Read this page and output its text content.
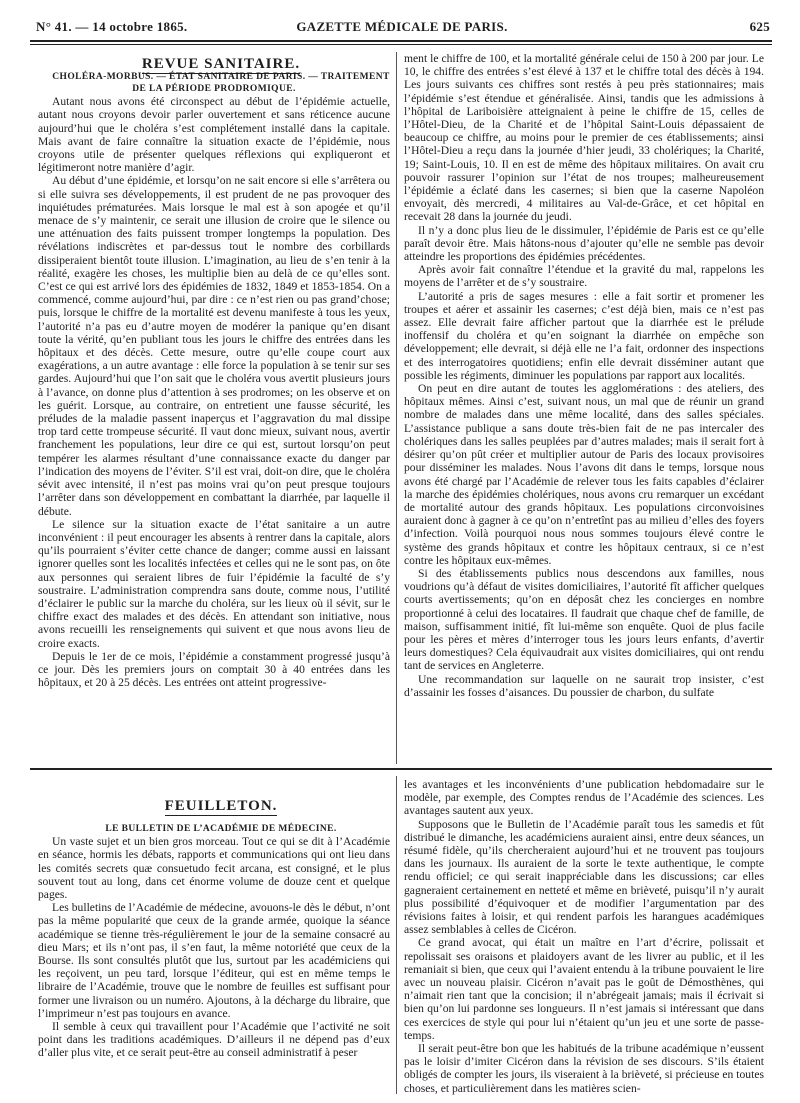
N° 41. — 14 octobre 1865.	GAZETTE MÉDICALE DE PARIS.	625

REVUE SANITAIRE.

CHOLÉRA-MORBUS. — ÉTAT SANITAIRE DE PARIS. — TRAITEMENT DE LA PÉRIODE PRODROMIQUE.

Autant nous avons été circonspect au début de l’épidémie actuelle, autant nous croyons devoir parler ouvertement et sans réticence aucune aujourd’hui que le choléra s’est complétement installé dans la capitale. Mais avant de faire connaître la situation exacte de l’épidémie, nous croyons utile de présenter quelques réflexions qui expliqueront et légitimeront notre manière d’agir.

Au début d’une épidémie, et lorsqu’on ne sait encore si elle s’arrêtera ou si elle suivra ses développements, il est prudent de ne pas provoquer des inquiétudes prématurées. Mais lorsque le mal est à son apogée et qu’il menace de s’y maintenir, ce serait une illusion de croire que le silence ou une atténuation des faits puissent tromper longtemps la population. Des révélations indiscrètes et par-dessus tout le nombre des corbillards dissiperaient bientôt toute illusion. L’imagination, au lieu de s’en tenir à la réalité, exagère les choses, les multiplie bien au delà de ce qu’elles sont. C’est ce qui est arrivé lors des épidémies de 1832, 1849 et 1853-1854. On a commencé, comme aujourd’hui, par dire : ce n’est rien ou pas grand’chose; puis, lorsque le chiffre de la mortalité est devenu manifeste à tous les yeux, l’autorité n’a pas eu d’autre moyen de modérer la panique qu’en disant toute la vérité, qu’en publiant tous les jours le chiffre des entrées dans les hôpitaux et des décès. Cette mesure, outre qu’elle coupe court aux exagérations, a un autre avantage : elle force la population à se tenir sur ses gardes. Aujourd’hui que l’on sait que le choléra vous avertit plusieurs jours à l’avance, on donne plus d’attention à ses prodromes; on les observe et on les guérit. Lorsque, au contraire, on entretient une fausse sécurité, les préludes de la maladie passent inaperçus et l’aggravation du mal dissipe trop tard cette trompeuse sécurité. Il vaut donc mieux, suivant nous, avertir franchement les populations, leur dire ce qui est, surtout lorsqu’on peut tempérer les alarmes résultant d’une connaissance exacte du danger par l’indication des moyens de l’éviter. S’il est vrai, doit-on dire, que le choléra sévit avec intensité, il n’est pas moins vrai qu’on peut presque toujours l’arrêter dans son développement en combattant la diarrhée, par laquelle il débute.

Le silence sur la situation exacte de l’état sanitaire a un autre inconvénient : il peut encourager les absents à rentrer dans la capitale, alors qu’ils pourraient s’éviter cette chance de danger; comme aussi en laissant ignorer quelles sont les localités infectées et celles qui ne le sont pas, on ôte aux personnes qui seraient libres de fuir l’épidémie la faculté de s’y soustraire. L’administration comprendra sans doute, comme nous, l’utilité d’éclairer le public sur la marche du choléra, sur les lieux où il sévit, sur le chiffre exact des malades et des décès. En attendant son initiative, nous avons recueilli les renseignements qui suivent et que nous avons lieu de croire exacts.

Depuis le 1er de ce mois, l’épidémie a constamment progressé jusqu’à ce jour. Dès les premiers jours on comptait 30 à 40 entrées dans les hôpitaux, et 20 à 25 décès. Les entrées ont atteint progressive-

ment le chiffre de 100, et la mortalité générale celui de 150 à 200 par jour. Le 10, le chiffre des entrées s’est élevé à 137 et le chiffre total des décès à 194. Les jours suivants ces chiffres sont restés à peu près stationnaires; mais l’épidémie s’est étendue et généralisée. Ainsi, tandis que les admissions à l’hôpital de Lariboisière atteignaient à peine le chiffre de 15, celles de l’Hôtel-Dieu, de la Charité et de l’hôpital Saint-Louis dépassaient de beaucoup ce chiffre, au moins pour le premier de ces établissements; ainsi l’Hôtel-Dieu a reçu dans la journée d’hier jeudi, 33 cholériques; la Charité, 19; Saint-Louis, 10. Il en est de même des hôpitaux militaires. On avait cru pouvoir rassurer l’opinion sur l’état de nos troupes; malheureusement l’épidémie a éclaté dans les casernes; si bien que la caserne Napoléon envoyait, dès mercredi, 4 militaires au Val-de-Grâce, et cet hôpital en recevait 28 dans la journée du jeudi.

Il n’y a donc plus lieu de le dissimuler, l’épidémie de Paris est ce qu’elle paraît devoir être. Mais hâtons-nous d’ajouter qu’elle ne semble pas devoir atteindre les proportions des épidémies précédentes.

Après avoir fait connaître l’étendue et la gravité du mal, rappelons les moyens de l’arrêter et de s’y soustraire.

L’autorité a pris de sages mesures : elle a fait sortir et promener les troupes et aérer et assainir les casernes; c’est déjà bien, mais ce n’est pas assez. Elle devrait faire afficher partout que la diarrhée est le prélude inoffensif du choléra et qu’en soignant la diarrhée on empêche son développement; elle devrait, si déjà elle ne l’a fait, ordonner des inspections et des interrogatoires quotidiens; enfin elle devrait disséminer autant que possible les régiments, diminuer les populations par rapport aux localités.

On peut en dire autant de toutes les agglomérations : des ateliers, des hôpitaux mêmes. Ainsi c’est, suivant nous, un mal que de réunir un grand nombre de malades dans une même localité, dans des salles spéciales. L’assistance publique a sans doute très-bien fait de ne pas intercaler des cholériques dans les salles peuplées par d’autres malades; mais il serait fort à désirer qu’on pût créer et multiplier autour de Paris des locaux provisoires pour disséminer les malades. Nous l’avons dit dans le temps, lorsque nous avons été chargé par l’Académie de relever tous les faits capables d’éclairer la marche des épidémies cholériques, nous avons cru remarquer un excédant de mortalité autour des grands hôpitaux. Les populations circonvoisines auraient donc à gagner à ce qu’on n’entretînt pas au milieu d’elles des foyers d’infection. Voilà pourquoi nous nous sommes toujours élevé contre le système des grands hôpitaux et contre les hôpitaux centraux, si ce n’est contre les hôpitaux eux-mêmes.

Si des établissements publics nous descendons aux familles, nous voudrions qu’à défaut de visites domiciliaires, l’autorité fît afficher quelques courts avertissements; qu’on en déposât chez les concierges en nombre proportionné à celui des locataires. Il faudrait que chaque chef de famille, de maison, suffisamment initié, fît lui-même son enquête. Quoi de plus facile pour les pères et mères d’interroger tous les jours leurs enfants, d’avertir leurs domestiques? Cela équivaudrait aux visites domiciliaires, qui ont rendu tant de services en Angleterre.

Une recommandation sur laquelle on ne saurait trop insister, c’est d’assainir les fosses d’aisances. Du poussier de charbon, du sulfate

FEUILLETON.

LE BULLETIN DE L’ACADÉMIE DE MÉDECINE.

Un vaste sujet et un bien gros morceau. Tout ce qui se dit à l’Académie en séance, hormis les débats, rapports et communications qui ont lieu dans les comités secrets quæ consuetudo fecit arcana, est consigné, et le plus souvent tout au long, dans cet énorme volume de douze cent et quelque pages.

Les bulletins de l’Académie de médecine, avouons-le dès le début, n’ont pas la même popularité que ceux de la grande armée, quoique la séance académique se tienne très-régulièrement le jour de la semaine consacré au dieu Mars; et ils n’ont pas, il s’en faut, la même notoriété que ceux de la Bourse. Ils sont consultés plutôt que lus, surtout par les académiciens qui les reçoivent, un peu tard, lorsque l’éditeur, qui est en même temps le libraire de l’Académie, trouve que le nombre de feuilles est suffisant pour former une livraison ou un numéro. Ajoutons, à la décharge du libraire, que l’imprimeur n’est pas toujours en avance.

Il semble à ceux qui travaillent pour l’Académie que l’activité ne soit point dans les traditions académiques. D’ailleurs il ne dépend pas d’eux d’aller plus vite, et ce serait peut-être au conseil administratif à peser

les avantages et les inconvénients d’une publication hebdomadaire sur le modèle, par exemple, des Comptes rendus de l’Académie des sciences. Les avantages sautent aux yeux.

Supposons que le Bulletin de l’Académie paraît tous les samedis et fût distribué le dimanche, les académiciens auraient ainsi, entre deux séances, un résumé fidèle, qu’ils chercheraient aujourd’hui et ne trouvent pas toujours dans les journaux. Ils auraient de la sorte le texte authentique, le compte rendu officiel; ce qui serait inappréciable dans les discussions; car elles gagneraient certainement en netteté et même en brièveté, puisqu’il n’y aurait plus possibilité d’équivoquer et de modifier l’argumentation par des révisions faites à loisir, et qui rendent parfois les harangues académiques assez semblables à celles de Cicéron.

Ce grand avocat, qui était un maître en l’art d’écrire, polissait et repolissait ses oraisons et plaidoyers avant de les livrer au public, et il les remaniait si bien, que ceux qui l’avaient entendu à la tribune pouvaient le lire avec un nouveau plaisir. Cicéron n’avait pas le goût de Démosthènes, qui n’aimait rien tant que la concision; il n’abrégeait jamais; mais il écrivait si bien qu’on lui pardonne ses longueurs. Il n’est jamais si intéressant que dans ces exercices de style qui pour lui n’étaient qu’un jeu et une sorte de passe-temps.

Il serait peut-être bon que les habitués de la tribune académique n’eussent pas le loisir d’imiter Cicéron dans la révision de ses discours. S’ils étaient obligés de compter les jours, ils viseraient à la brièveté, si précieuse en toutes choses, et particulièrement dans les matières scien-
